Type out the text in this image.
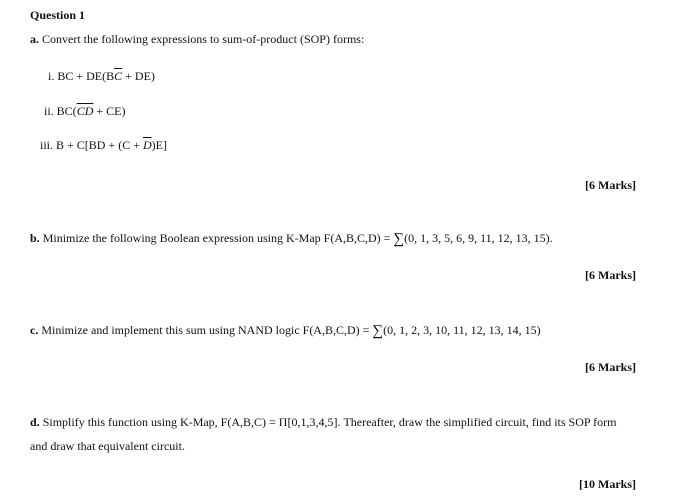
Question 1
a. Convert the following expressions to sum-of-product (SOP) forms:
i. BC + $DE(B\overline{C} + DE)$
ii. $BC(\overline{CD} + CE)$
iii. $B + C[BD + (C + \overline{D})E]$
[6 Marks]
b. Minimize the following Boolean expression using K-Map F(A,B,C,D) = ∑(0, 1, 3, 5, 6, 9, 11, 12, 13, 15).
[6 Marks]
c. Minimize and implement this sum using NAND logic F(A,B,C,D) = ∑(0, 1, 2, 3, 10, 11, 12, 13, 14, 15)
[6 Marks]
d. Simplify this function using K-Map, F(A,B,C) = Π[0,1,3,4,5]. Thereafter, draw the simplified circuit, find its SOP form
and draw that equivalent circuit.
[10 Marks]
